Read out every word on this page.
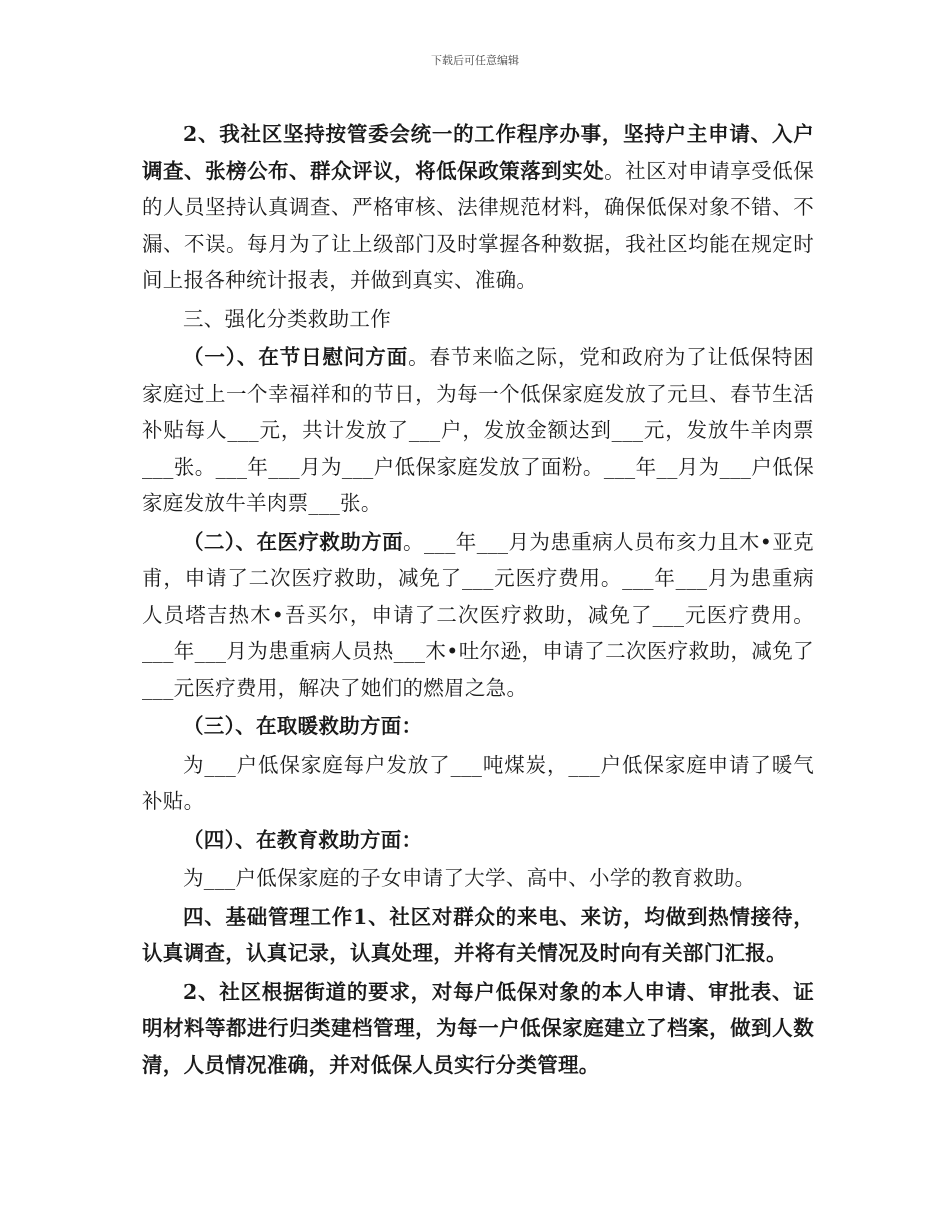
下载后可任意编辑

2、我社区坚持按管委会统一的工作程序办事，坚持户主申请、入户调查、张榜公布、群众评议，将低保政策落到实处。社区对申请享受低保的人员坚持认真调查、严格审核、法律规范材料，确保低保对象不错、不漏、不误。每月为了让上级部门及时掌握各种数据，我社区均能在规定时间上报各种统计报表，并做到真实、准确。

三、强化分类救助工作

（一）、在节日慰问方面。春节来临之际，党和政府为了让低保特困家庭过上一个幸福祥和的节日，为每一个低保家庭发放了元旦、春节生活补贴每人___元，共计发放了___户，发放金额达到___元，发放牛羊肉票___张。___年___月为___户低保家庭发放了面粉。___年__月为___户低保家庭发放牛羊肉票___张。

（二）、在医疗救助方面。___年___月为患重病人员布亥力且木•亚克甫，申请了二次医疗救助，减免了___元医疗费用。___年___月为患重病人员塔吉热木•吾买尔，申请了二次医疗救助，减免了___元医疗费用。___年___月为患重病人员热___木•吐尔逊，申请了二次医疗救助，减免了___元医疗费用，解决了她们的燃眉之急。

（三）、在取暖救助方面：

为___户低保家庭每户发放了___吨煤炭，___户低保家庭申请了暖气补贴。

（四）、在教育救助方面：

为___户低保家庭的子女申请了大学、高中、小学的教育救助。

四、基础管理工作1、社区对群众的来电、来访，均做到热情接待，认真调查，认真记录，认真处理，并将有关情况及时向有关部门汇报。

2、社区根据街道的要求，对每户低保对象的本人申请、审批表、证明材料等都进行归类建档管理，为每一户低保家庭建立了档案，做到人数清，人员情况准确，并对低保人员实行分类管理。
